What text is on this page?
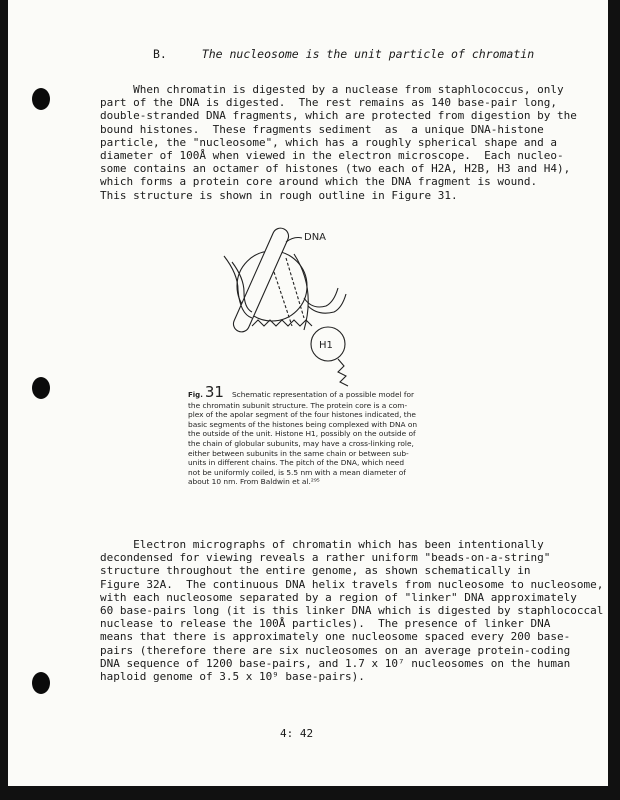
B.	The nucleosome is the unit particle of chromatin
When chromatin is digested by a nuclease from staphlococcus, only
part of the DNA is digested.  The rest remains as 140 base-pair long,
double-stranded DNA fragments, which are protected from digestion by the
bound histones.  These fragments sediment  as  a unique DNA-histone
particle, the "nucleosome", which has a roughly spherical shape and a
diameter of 100Å when viewed in the electron microscope.  Each nucleo-
some contains an octamer of histones (two each of H2A, H2B, H3 and H4),
which forms a protein core around which the DNA fragment is wound.
This structure is shown in rough outline in Figure 31.
DNA
H1
Fig. 31 Schematic representation of a possible model for
the chromatin subunit structure. The protein core is a com-
plex of the apolar segment of the four histones indicated, the
basic segments of the histones being complexed with DNA on
the outside of the unit. Histone H1, possibly on the outside of
the chain of globular subunits, may have a cross-linking role,
either between subunits in the same chain or between sub-
units in different chains. The pitch of the DNA, which need
not be uniformly coiled, is 5.5 nm with a mean diameter of
about 10 nm. From Baldwin et al.²⁹⁵
Electron micrographs of chromatin which has been intentionally
decondensed for viewing reveals a rather uniform "beads-on-a-string"
structure throughout the entire genome, as shown schematically in
Figure 32A.  The continuous DNA helix travels from nucleosome to nucleosome,
with each nucleosome separated by a region of "linker" DNA approximately
60 base-pairs long (it is this linker DNA which is digested by staphlococcal
nuclease to release the 100Å particles).  The presence of linker DNA
means that there is approximately one nucleosome spaced every 200 base-
pairs (therefore there are six nucleosomes on an average protein-coding
DNA sequence of 1200 base-pairs, and 1.7 x 10⁷ nucleosomes on the human
haploid genome of 3.5 x 10⁹ base-pairs).
4: 42
